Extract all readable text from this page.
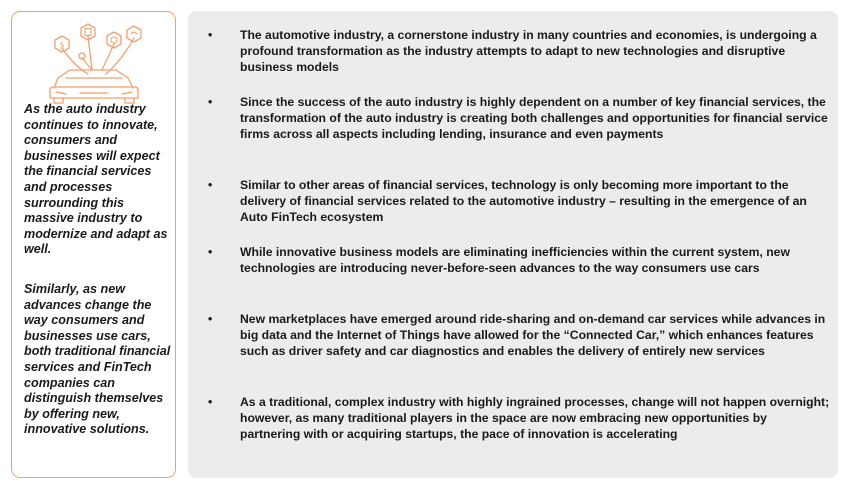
$

As the auto industry continues to innovate, consumers and businesses will expect the financial services and processes surrounding this massive industry to modernize and adapt as well.

Similarly, as new advances change the way consumers and businesses use cars, both traditional financial services and FinTech companies can distinguish themselves by offering new, innovative solutions.

•	The automotive industry, a cornerstone industry in many countries and economies, is undergoing a profound transformation as the industry attempts to adapt to new technologies and disruptive business models

•	Since the success of the auto industry is highly dependent on a number of key financial services, the transformation of the auto industry is creating both challenges and opportunities for financial service firms across all aspects including lending, insurance and even payments

•	Similar to other areas of financial services, technology is only becoming more important to the delivery of financial services related to the automotive industry – resulting in the emergence of an Auto FinTech ecosystem

•	While innovative business models are eliminating inefficiencies within the current system, new technologies are introducing never-before-seen advances to the way consumers use cars

•	New marketplaces have emerged around ride-sharing and on-demand car services while advances in big data and the Internet of Things have allowed for the “Connected Car,” which enhances features such as driver safety and car diagnostics and enables the delivery of entirely new services

•	As a traditional, complex industry with highly ingrained processes, change will not happen overnight; however, as many traditional players in the space are now embracing new opportunities by partnering with or acquiring startups, the pace of innovation is accelerating
